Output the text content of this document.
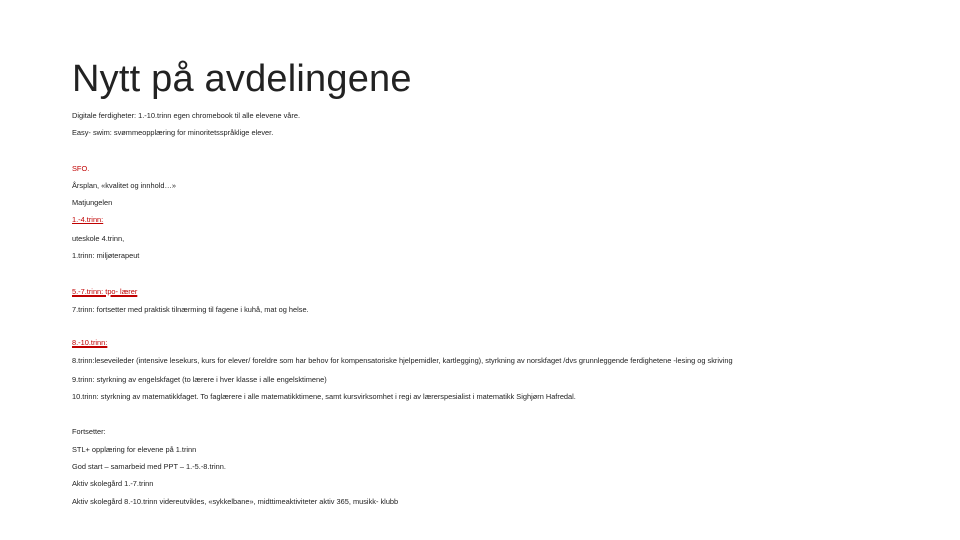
Nytt på avdelingene
Digitale ferdigheter: 1.-10.trinn egen chromebook til alle elevene våre.
Easy- swim: svømmeopplæring for minoritetsspråklige elever.
SFO.
Årsplan, «kvalitet og innhold…»
Matjungelen
1.-4.trinn:
uteskole 4.trinn,
1.trinn: miljøterapeut
5.-7.trinn: tpo- lærer
7.trinn: fortsetter med praktisk tilnærming til fagene i kuhå, mat og helse.
8.-10.trinn:
8.trinn:leseveileder (intensive lesekurs, kurs for elever/ foreldre som har behov for kompensatoriske hjelpemidler, kartlegging), styrkning av norskfaget /dvs grunnleggende ferdighetene -lesing og skriving
9.trinn: styrkning av engelskfaget (to lærere i hver klasse i alle engelsktimene)
10.trinn: styrkning av matematikkfaget. To faglærere i alle matematikktimene, samt kursvirksomhet i regi av lærerspesialist i matematikk Sighjørn Hafredal.
Fortsetter:
STL+ opplæring for elevene på 1.trinn
God start – samarbeid med PPT – 1.-5.-8.trinn.
Aktiv skolegård 1.-7.trinn
Aktiv skolegård 8.-10.trinn videreutvikles, «sykkelbane», midttimeaktiviteter aktiv 365, musikk- klubb
